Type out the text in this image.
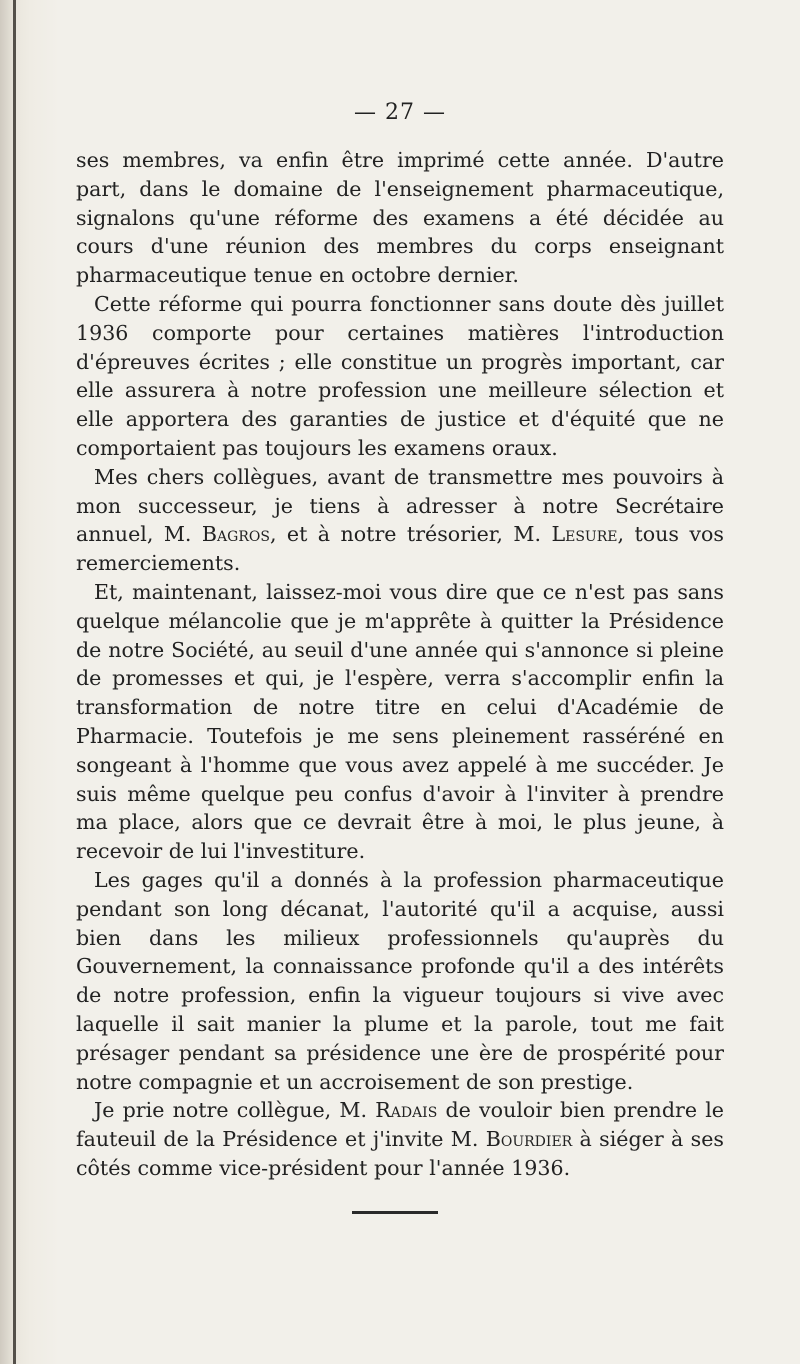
— 27 —

ses membres, va enfin être imprimé cette année. D'autre part, dans le domaine de l'enseignement pharmaceutique, signalons qu'une réforme des examens a été décidée au cours d'une réunion des membres du corps enseignant pharmaceutique tenue en octobre dernier.

Cette réforme qui pourra fonctionner sans doute dès juillet 1936 comporte pour certaines matières l'introduction d'épreuves écrites ; elle constitue un progrès important, car elle assurera à notre profession une meilleure sélection et elle apportera des garanties de justice et d'équité que ne comportaient pas toujours les examens oraux.

Mes chers collègues, avant de transmettre mes pouvoirs à mon successeur, je tiens à adresser à notre Secrétaire annuel, M. Bagros, et à notre trésorier, M. Lesure, tous vos remerciements.

Et, maintenant, laissez-moi vous dire que ce n'est pas sans quelque mélancolie que je m'apprête à quitter la Présidence de notre Société, au seuil d'une année qui s'annonce si pleine de promesses et qui, je l'espère, verra s'accomplir enfin la transformation de notre titre en celui d'Académie de Pharmacie. Toutefois je me sens pleinement rasséréné en songeant à l'homme que vous avez appelé à me succéder. Je suis même quelque peu confus d'avoir à l'inviter à prendre ma place, alors que ce devrait être à moi, le plus jeune, à recevoir de lui l'investiture.

Les gages qu'il a donnés à la profession pharmaceutique pendant son long décanat, l'autorité qu'il a acquise, aussi bien dans les milieux professionnels qu'auprès du Gouvernement, la connaissance profonde qu'il a des intérêts de notre profession, enfin la vigueur toujours si vive avec laquelle il sait manier la plume et la parole, tout me fait présager pendant sa présidence une ère de prospérité pour notre compagnie et un accroisement de son prestige.

Je prie notre collègue, M. Radais de vouloir bien prendre le fauteuil de la Présidence et j'invite M. Bourdier à siéger à ses côtés comme vice-président pour l'année 1936.
